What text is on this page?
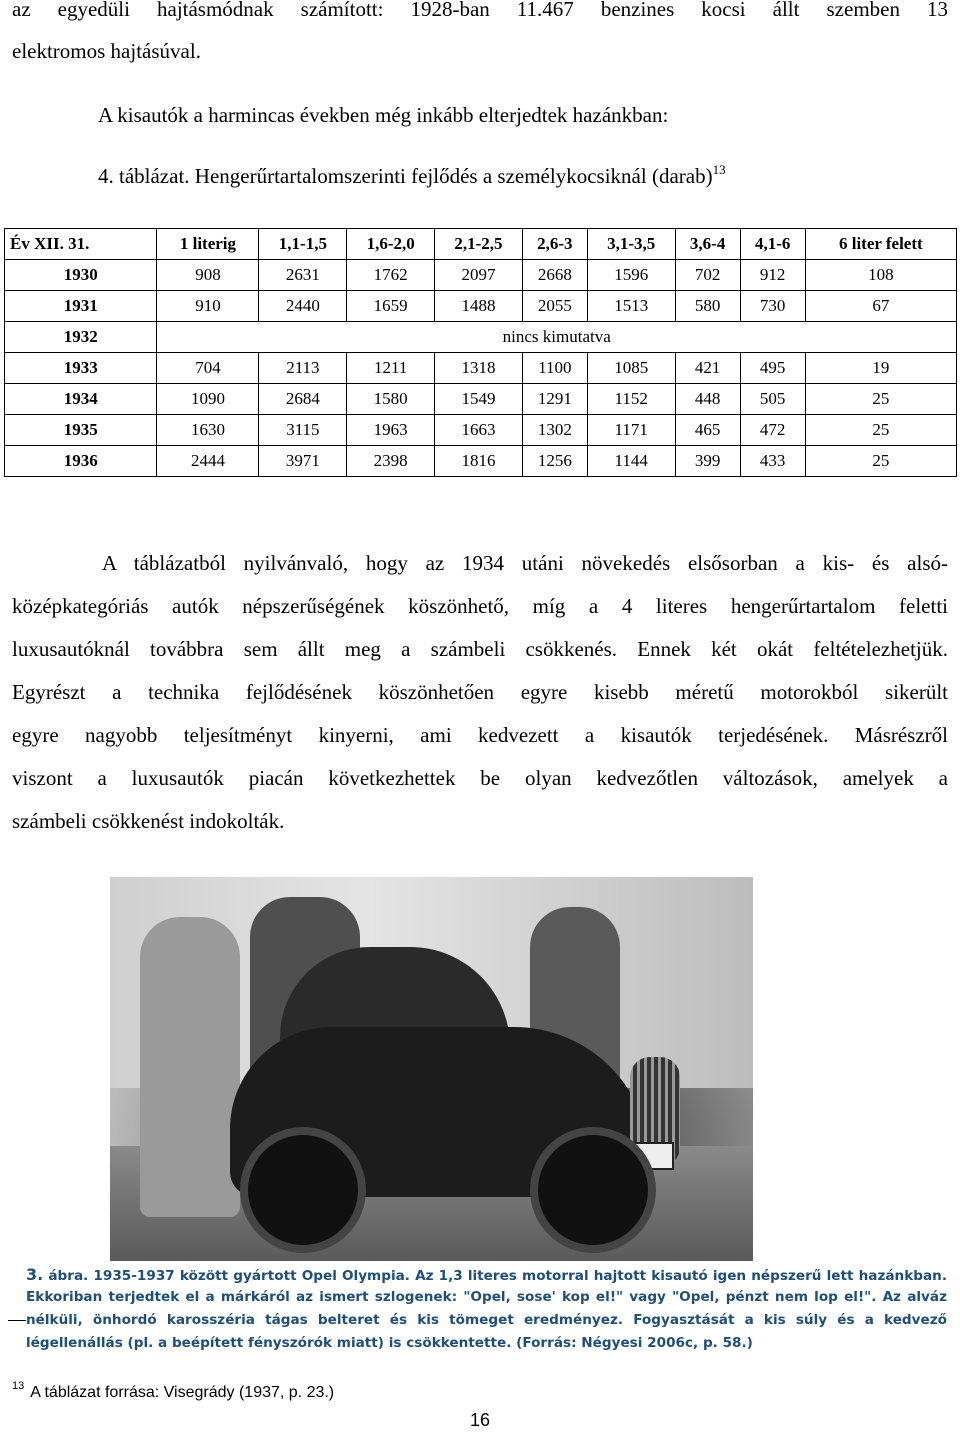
az egyedüli hajtásmódnak számított: 1928-ban 11.467 benzines kocsi állt szemben 13
elektromos hajtásúval.
A kisautók a harmincas években még inkább elterjedtek hazánkban:
4. táblázat. Hengerűrtartalomszerinti fejlődés a személykocsiknál (darab)$^{13}$
Év XII. 31.	1 literig	1,1-1,5	1,6-2,0	2,1-2,5	2,6-3	3,1-3,5	3,6-4	4,1-6	6 liter felett
1930	908	2631	1762	2097	2668	1596	702	912	108
1931	910	2440	1659	1488	2055	1513	580	730	67
1932	nincs kimutatva								
1933	704	2113	1211	1318	1100	1085	421	495	19
1934	1090	2684	1580	1549	1291	1152	448	505	25
1935	1630	3115	1963	1663	1302	1171	465	472	25
1936	2444	3971	2398	1816	1256	1144	399	433	25
A táblázatból nyilvánvaló, hogy az 1934 utáni növekedés elsősorban a kis- és alsó-
középkategóriás autók népszerűségének köszönhető, míg a 4 literes hengerűrtartalom feletti
luxusautóknál továbbra sem állt meg a számbeli csökkenés. Ennek két okát feltételezhetjük.
Egyrészt a technika fejlődésének köszönhetően egyre kisebb méretű motorokból sikerült
egyre nagyobb teljesítményt kinyerni, ami kedvezett a kisautók terjedésének. Másrészről
viszont a luxusautók piacán következhettek be olyan kedvezőtlen változások, amelyek a
számbeli csökkenést indokolták.
3. ábra. 1935-1937 között gyártott Opel Olympia. Az 1,3 literes motorral hajtott kisautó igen népszerű lett hazánkban.
Ekkoriban terjedtek el a márkáról az ismert szlogenek: "Opel, sose' kop el!" vagy "Opel, pénzt nem lop el!". Az alváz
nélküli, önhordó karosszéria tágas belteret és kis tömeget eredményez. Fogyasztását a kis súly és a kedvező
légellenállás (pl. a beépített fényszórók miatt) is csökkentette. (Forrás: Négyesi 2006c, p. 58.)
$^{13}$ A táblázat forrása: Visegrády (1937, p. 23.)
16
